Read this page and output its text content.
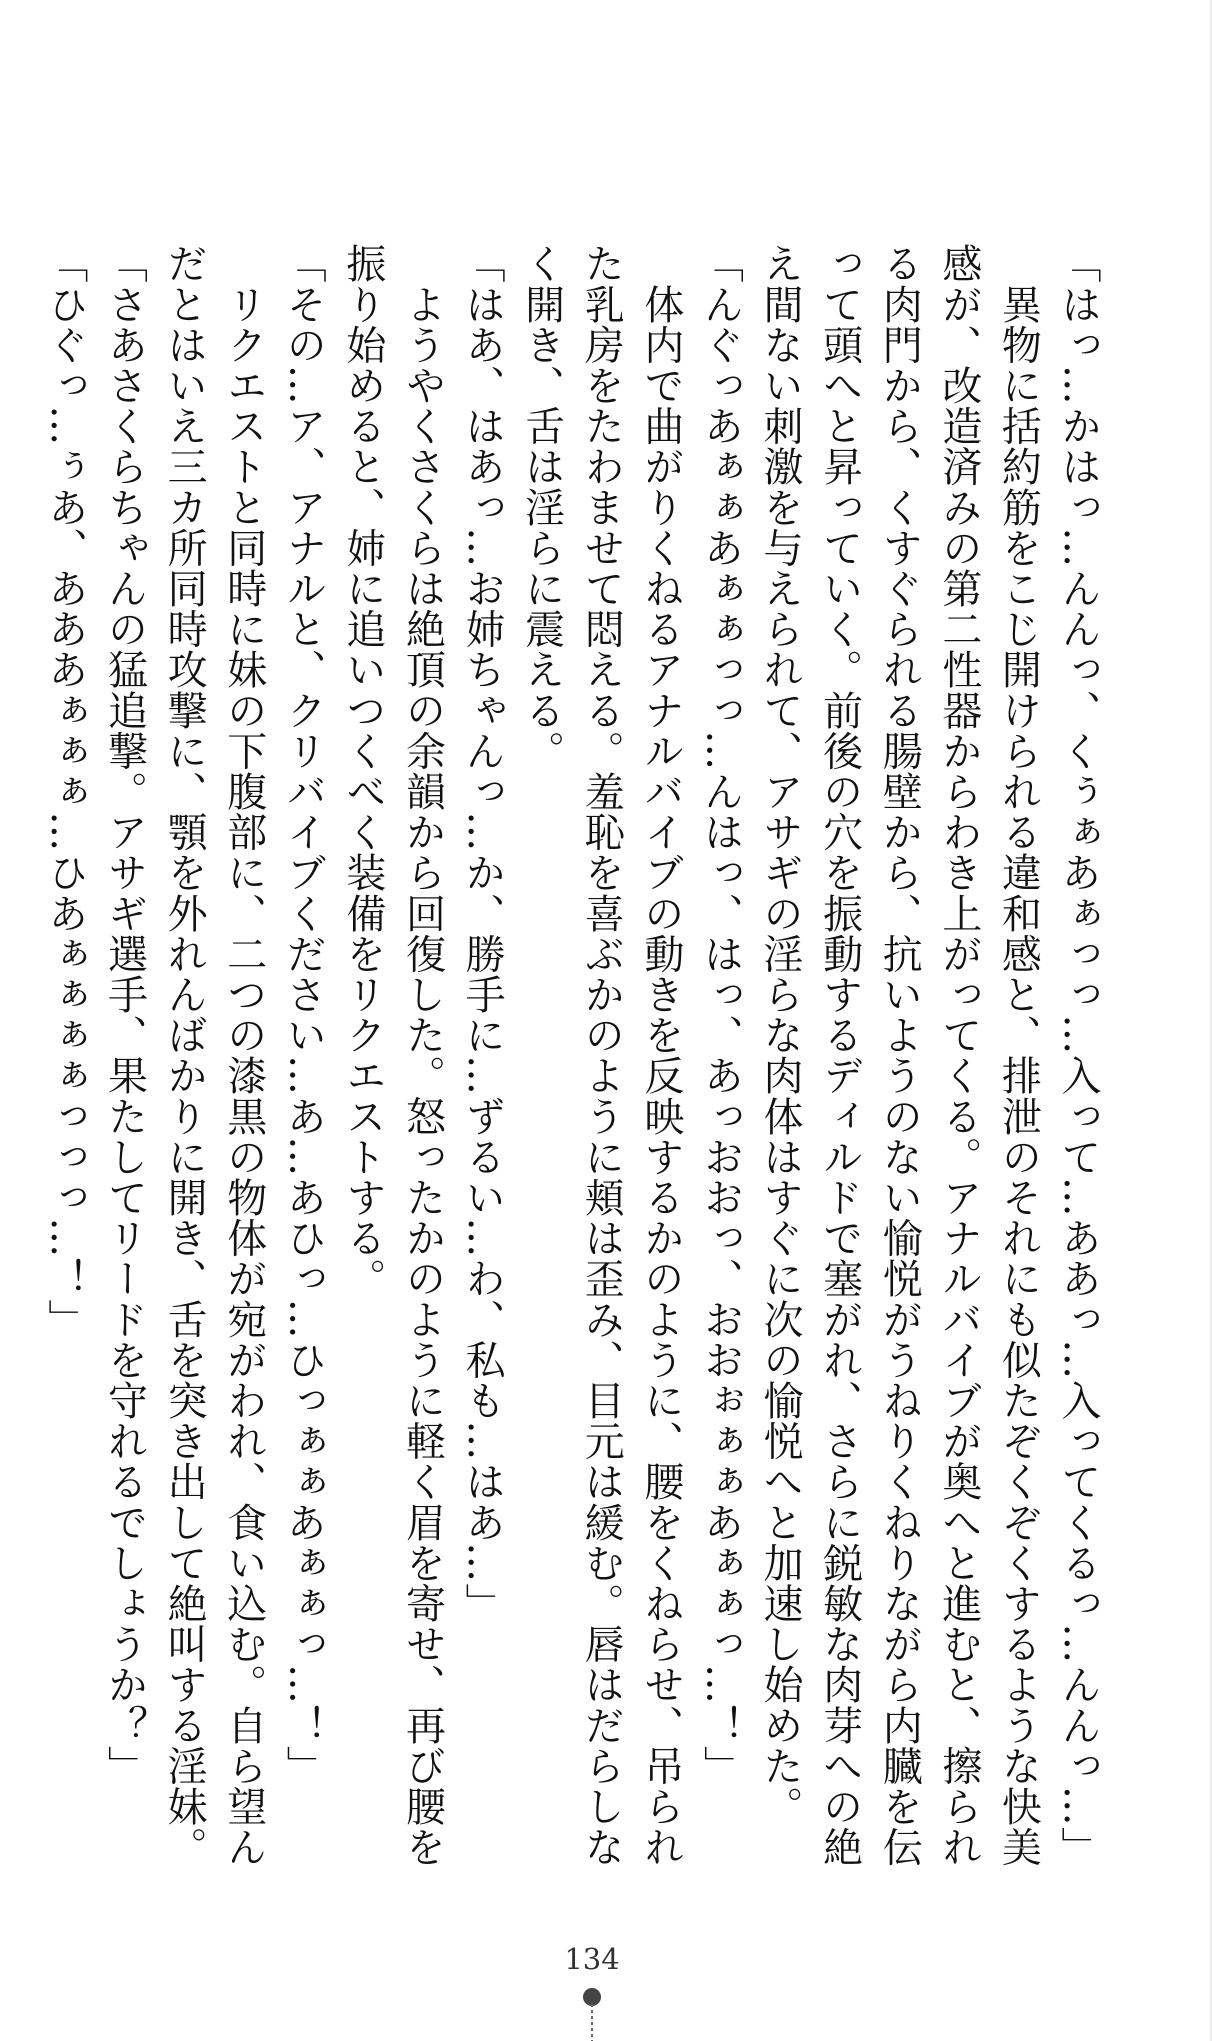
「はっ…かはっ…んんっ、くぅぁあぁっっ…入って…ああっ…入ってくるっ…んんっ…」

　異物に括約筋をこじ開けられる違和感と、排泄のそれにも似たぞくぞくするような快美

感が、改造済みの第二性器からわき上がってくる。アナルバイブが奥へと進むと、擦られ

る肉門から、くすぐられる腸壁から、抗いようのない愉悦がうねりくねりながら内臓を伝

って頭へと昇っていく。前後の穴を振動するディルドで塞がれ、さらに鋭敏な肉芽への絶

え間ない刺激を与えられて、アサギの淫らな肉体はすぐに次の愉悦へと加速し始めた。

「んぐっあぁぁあぁぁっっ…んはっ、はっ、あっおおっ、おおぉぁぁあぁぁっ…！」

　体内で曲がりくねるアナルバイブの動きを反映するかのように、腰をくねらせ、吊られ

た乳房をたわませて悶える。羞恥を喜ぶかのように頬は歪み、目元は緩む。唇はだらしな

く開き、舌は淫らに震える。

「はあ、はあっ…お姉ちゃんっ…か、勝手に…ずるい…わ、私も…はあ…」

　ようやくさくらは絶頂の余韻から回復した。怒ったかのように軽く眉を寄せ、再び腰を

振り始めると、姉に追いつくべく装備をリクエストする。

「その…ア、アナルと、クリバイブください…あ…あひっ…ひっぁぁあぁぁっ…！」

　リクエストと同時に妹の下腹部に、二つの漆黒の物体が宛がわれ、食い込む。自ら望ん

だとはいえ三カ所同時攻撃に、顎を外れんばかりに開き、舌を突き出して絶叫する淫妹。

「さあさくらちゃんの猛追撃。アサギ選手、果たしてリードを守れるでしょうか？」

「ひぐっ…ぅあ、あああぁぁぁ…ひあぁぁぁぁっっっ…！」

134
